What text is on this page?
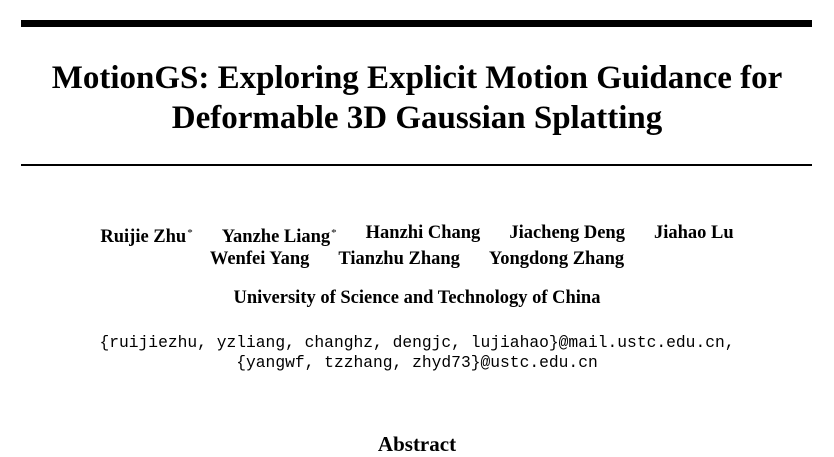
MotionGS: Exploring Explicit Motion Guidance for
Deformable 3D Gaussian Splatting
Ruijie Zhu* Yanzhe Liang* Hanzhi Chang Jiacheng Deng Jiahao Lu
Wenfei Yang Tianzhu Zhang Yongdong Zhang
University of Science and Technology of China
{ruijiezhu, yzliang, changhz, dengjc, lujiahao}@mail.ustc.edu.cn,
{yangwf, tzzhang, zhyd73}@ustc.edu.cn
Abstract
